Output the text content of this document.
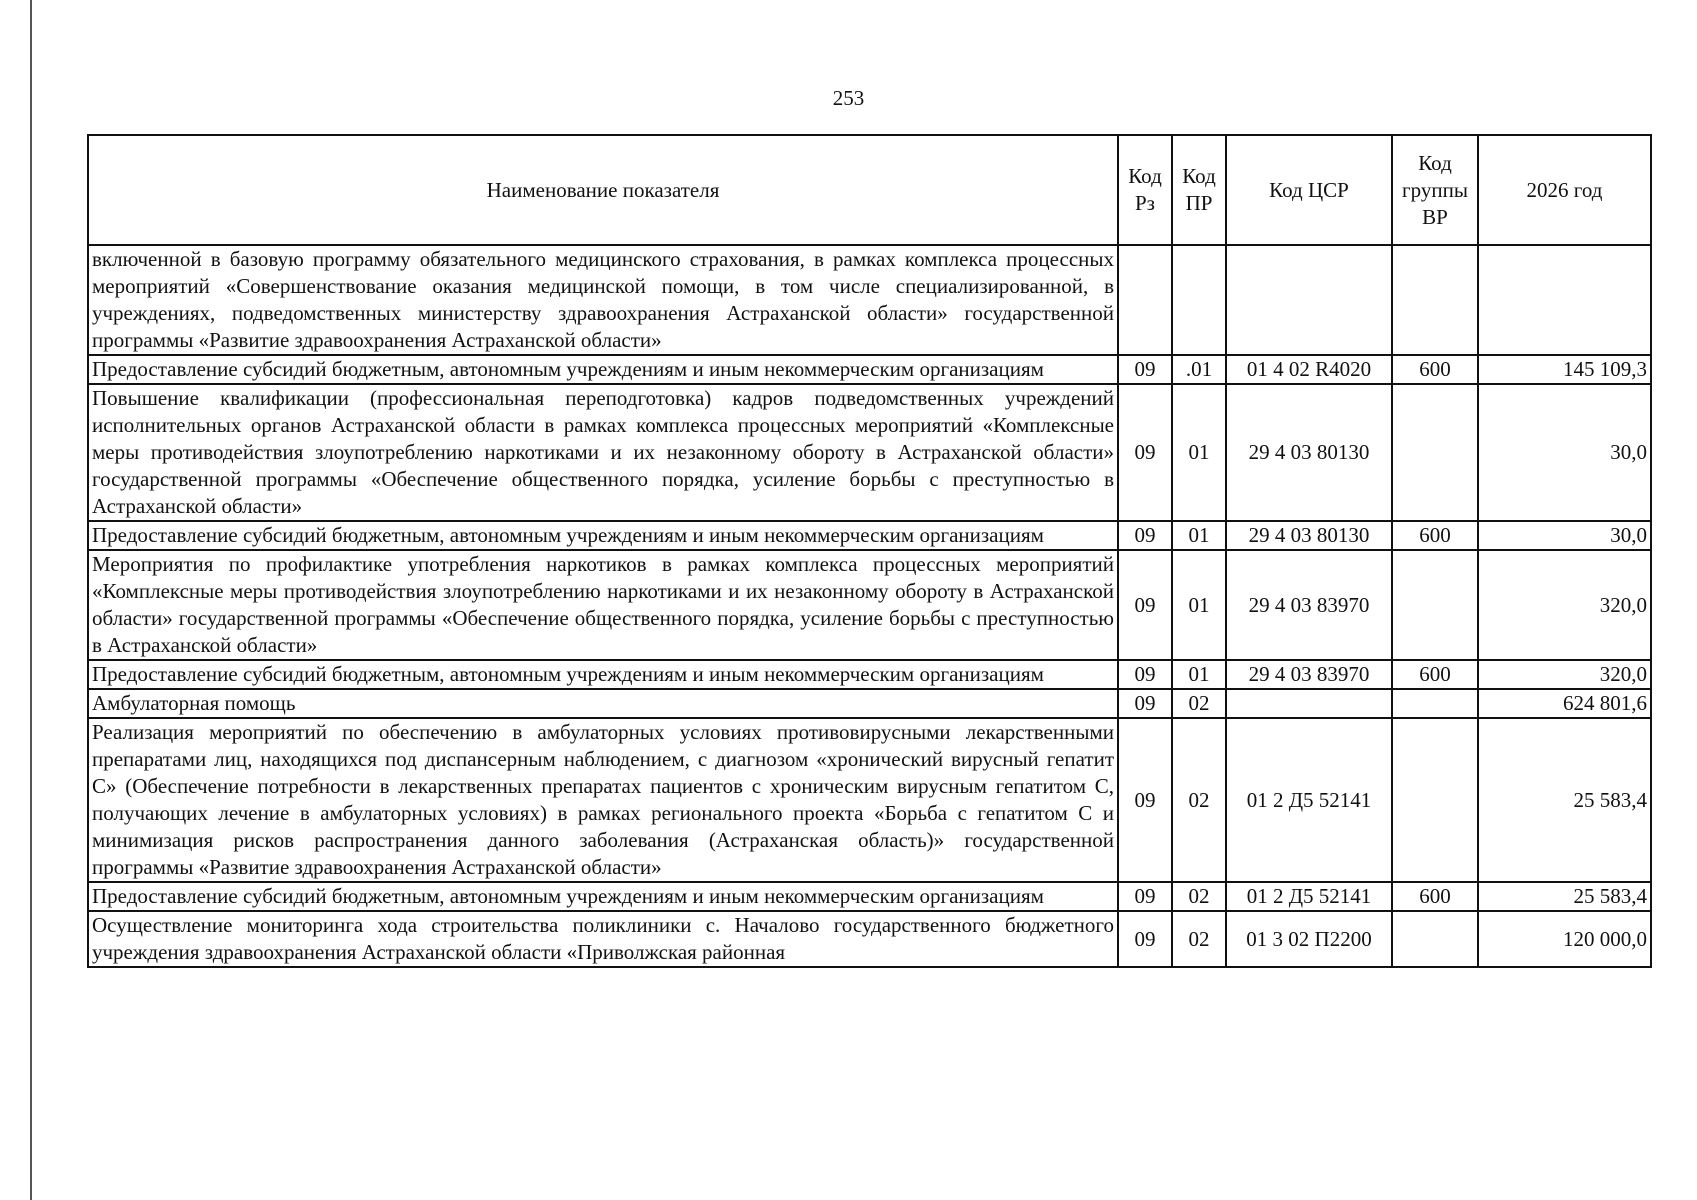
253
Наименование показателя	Код Рз	Код ПР	Код ЦСР	Код группы ВР	2026 год
включенной в базовую программу обязательного медицинского страхования, в рамках комплекса процессных мероприятий «Совершенствование оказания медицинской помощи, в том числе специализированной, в учреждениях, подведомственных министерству здравоохранения Астраханской области» государственной программы «Развитие здравоохранения Астраханской области»					
Предоставление субсидий бюджетным, автономным учреждениям и иным некоммерческим организациям	09	.01	01 4 02 R4020	600	145 109,3
Повышение квалификации (профессиональная переподготовка) кадров подведомственных учреждений исполнительных органов Астраханской области в рамках комплекса процессных мероприятий «Комплексные меры противодействия злоупотреблению наркотиками и их незаконному обороту в Астраханской области» государственной программы «Обеспечение общественного порядка, усиление борьбы с преступностью в Астраханской области»	09	01	29 4 03 80130		30,0
Предоставление субсидий бюджетным, автономным учреждениям и иным некоммерческим организациям	09	01	29 4 03 80130	600	30,0
Мероприятия по профилактике употребления наркотиков в рамках комплекса процессных мероприятий «Комплексные меры противодействия злоупотреблению наркотиками и их незаконному обороту в Астраханской области» государственной программы «Обеспечение общественного порядка, усиление борьбы с преступностью в Астраханской области»	09	01	29 4 03 83970		320,0
Предоставление субсидий бюджетным, автономным учреждениям и иным некоммерческим организациям	09	01	29 4 03 83970	600	320,0
Амбулаторная помощь	09	02			624 801,6
Реализация мероприятий по обеспечению в амбулаторных условиях противовирусными лекарственными препаратами лиц, находящихся под диспансерным наблюдением, с диагнозом «хронический вирусный гепатит С» (Обеспечение потребности в лекарственных препаратах пациентов с хроническим вирусным гепатитом С, получающих лечение в амбулаторных условиях) в рамках регионального проекта «Борьба с гепатитом С и минимизация рисков распространения данного заболевания (Астраханская область)» государственной программы «Развитие здравоохранения Астраханской области»	09	02	01 2 Д5 52141		25 583,4
Предоставление субсидий бюджетным, автономным учреждениям и иным некоммерческим организациям	09	02	01 2 Д5 52141	600	25 583,4
Осуществление мониторинга хода строительства поликлиники с. Началово государственного бюджетного учреждения здравоохранения Астраханской области «Приволжская районная	09	02	01 3 02 П2200		120 000,0
